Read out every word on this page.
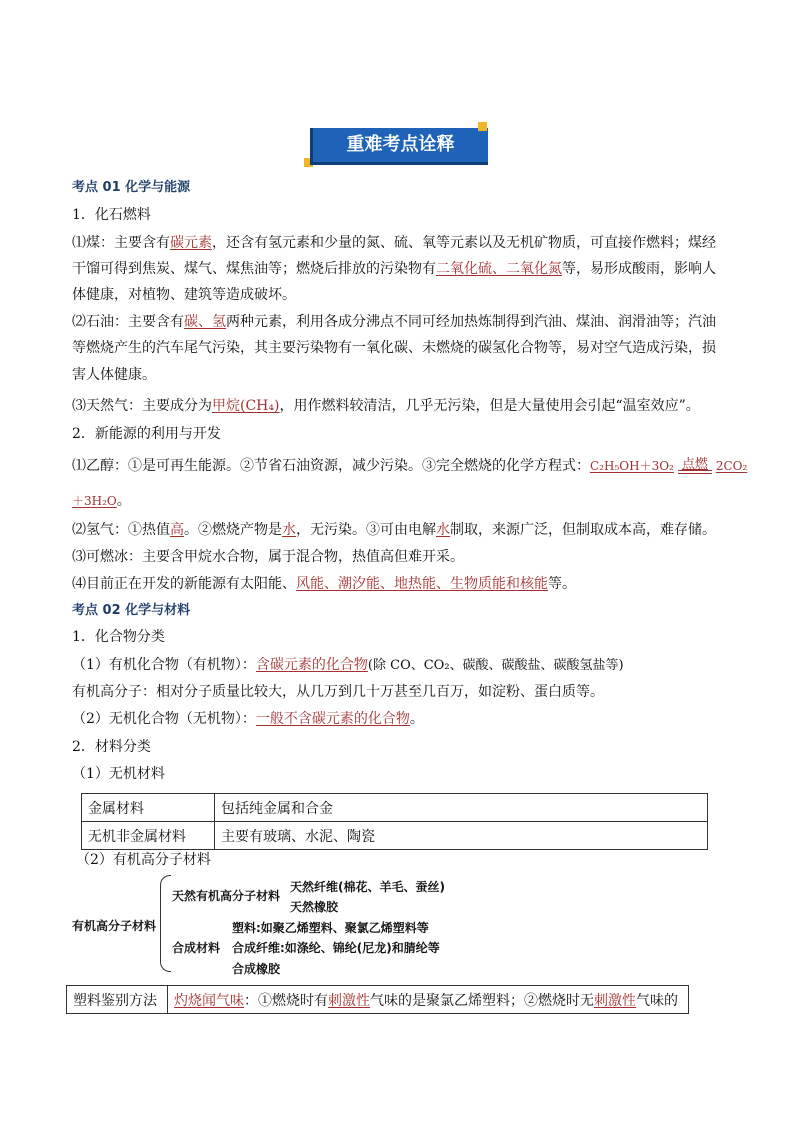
重难考点诠释
考点 01 化学与能源
1．化石燃料
⑴煤：主要含有碳元素，还含有氢元素和少量的氮、硫、氧等元素以及无机矿物质，可直接作燃料；煤经
干馏可得到焦炭、煤气、煤焦油等；燃烧后排放的污染物有二氧化硫、二氧化氮等，易形成酸雨，影响人
体健康，对植物、建筑等造成破坏。
⑵石油：主要含有碳、氢两种元素，利用各成分沸点不同可经加热炼制得到汽油、煤油、润滑油等；汽油
等燃烧产生的汽车尾气污染，其主要污染物有一氧化碳、未燃烧的碳氢化合物等，易对空气造成污染，损
害人体健康。
⑶天然气：主要成分为甲烷(CH₄)，用作燃料较清洁，几乎无污染，但是大量使用会引起“温室效应”。
2．新能源的利用与开发
⑴乙醇：①是可再生能源。②节省石油资源，减少污染。③完全燃烧的化学方程式：C₂H₅OH＋3O₂ 点燃 2CO₂
＋3H₂O。
⑵氢气：①热值高。②燃烧产物是水，无污染。③可由电解水制取，来源广泛，但制取成本高，难存储。
⑶可燃冰：主要含甲烷水合物，属于混合物，热值高但难开采。
⑷目前正在开发的新能源有太阳能、风能、潮汐能、地热能、生物质能和核能等。
考点 02 化学与材料
1．化合物分类
（1）有机化合物（有机物）：含碳元素的化合物(除 CO、CO₂、碳酸、碳酸盐、碳酸氢盐等)
有机高分子：相对分子质量比较大，从几万到几十万甚至几百万，如淀粉、蛋白质等。
（2）无机化合物（无机物）：一般不含碳元素的化合物。
2．材料分类
（1）无机材料
金属材料	包括纯金属和合金
无机非金属材料	主要有玻璃、水泥、陶瓷
（2）有机高分子材料
有机高分子材料
天然有机高分子材料
天然纤维(棉花、羊毛、蚕丝)
天然橡胶
合成材料
塑料:如聚乙烯塑料、聚氯乙烯塑料等
合成纤维:如涤纶、锦纶(尼龙)和腈纶等
合成橡胶
塑料鉴别方法	灼烧闻气味：①燃烧时有刺激性气味的是聚氯乙烯塑料；②燃烧时无刺激性气味的
